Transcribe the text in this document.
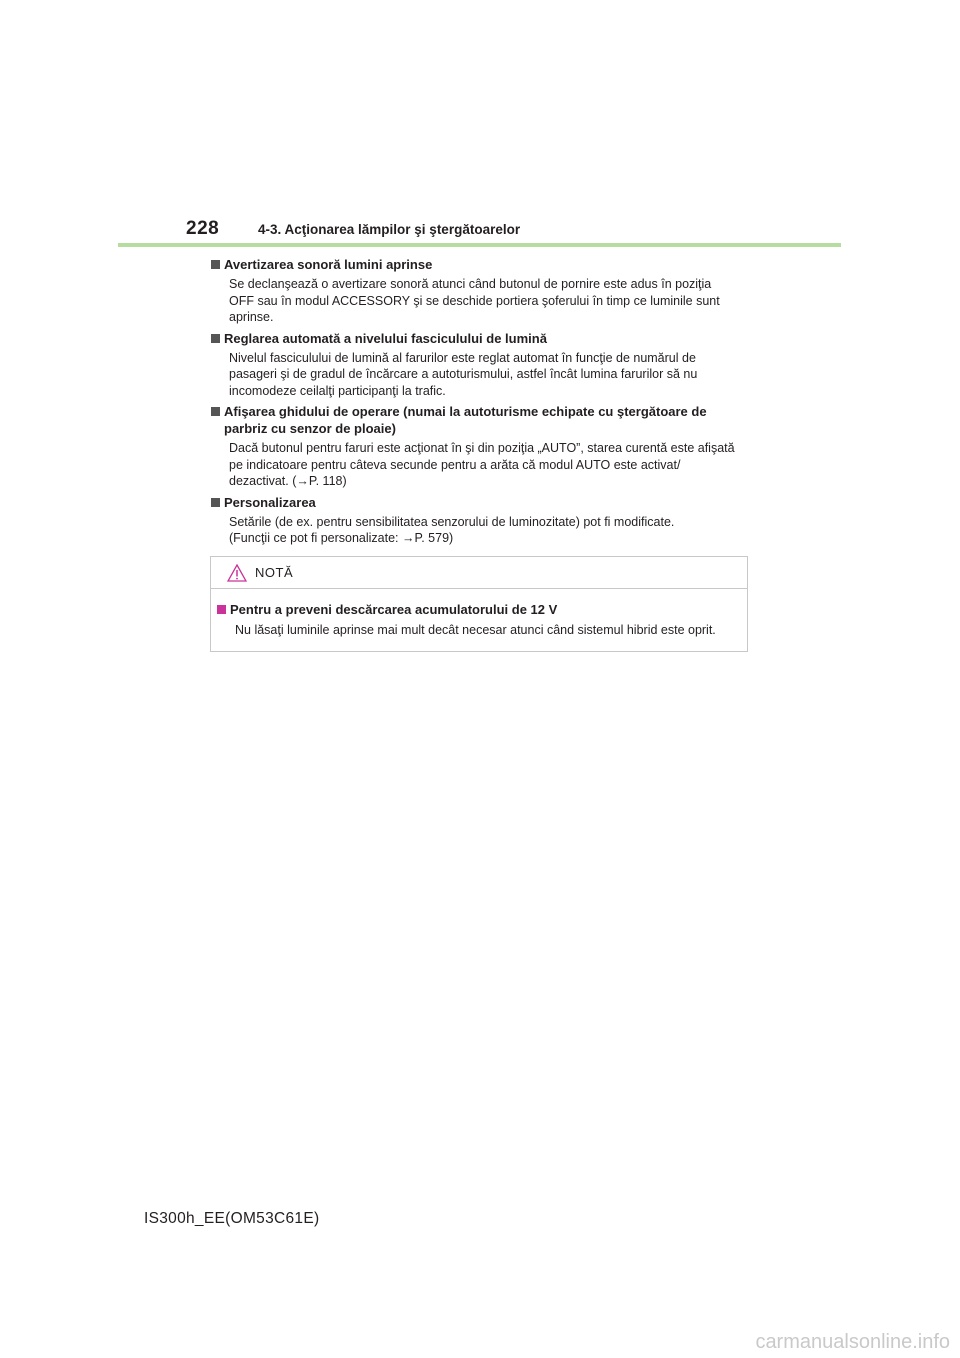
228	4-3. Acţionarea lămpilor şi ştergătoarelor
Avertizarea sonoră lumini aprinse
Se declanşează o avertizare sonoră atunci când butonul de pornire este adus în poziţia
OFF sau în modul ACCESSORY şi se deschide portiera şoferului în timp ce luminile sunt
aprinse.
Reglarea automată a nivelului fasciculului de lumină
Nivelul fasciculului de lumină al farurilor este reglat automat în funcţie de numărul de
pasageri şi de gradul de încărcare a autoturismului, astfel încât lumina farurilor să nu
incomodeze ceilalţi participanţi la trafic.
Afişarea ghidului de operare (numai la autoturisme echipate cu ştergătoare de parbriz cu senzor de ploaie)
Dacă butonul pentru faruri este acţionat în şi din poziţia „AUTO”, starea curentă este afişată
pe indicatoare pentru câteva secunde pentru a arăta că modul AUTO este activat/
dezactivat. (→P. 118)
Personalizarea
Setările (de ex. pentru sensibilitatea senzorului de luminozitate) pot fi modificate.
(Funcţii ce pot fi personalizate: →P. 579)
NOTĂ
Pentru a preveni descărcarea acumulatorului de 12 V
Nu lăsaţi luminile aprinse mai mult decât necesar atunci când sistemul hibrid este oprit.
IS300h_EE(OM53C61E)
carmanualsonline.info
